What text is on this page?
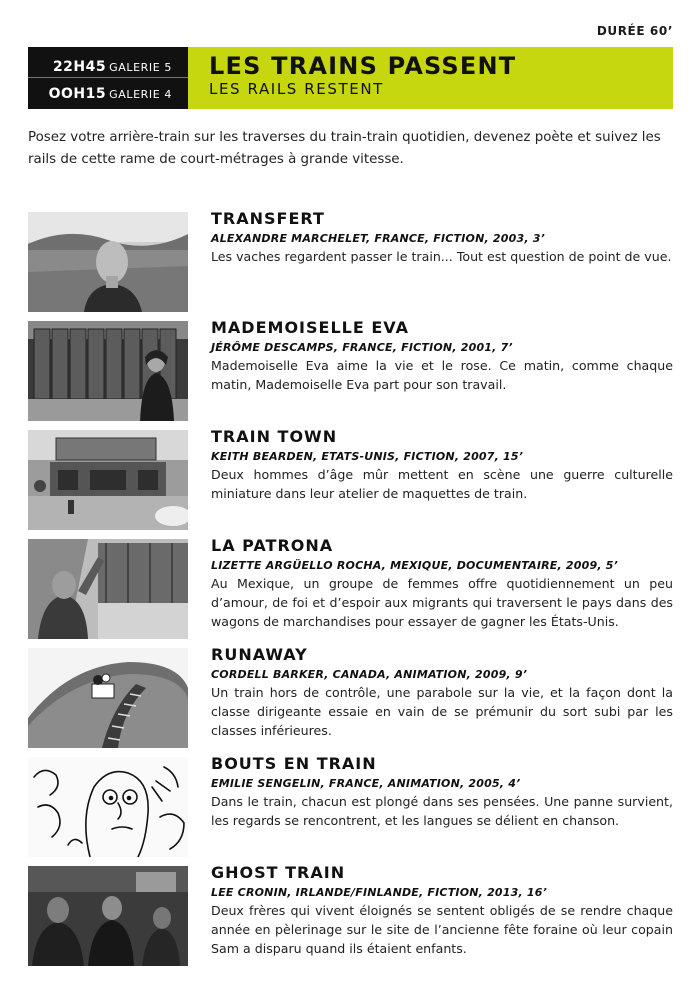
DURÉE 60’
22H45 GALERIE 5
OOH15 GALERIE 4
LES TRAINS PASSENT
LES RAILS RESTENT
Posez votre arrière-train sur les traverses du train-train quotidien, devenez poète et suivez les rails de cette rame de court-métrages à grande vitesse.
TRANSFERT
ALEXANDRE MARCHELET, FRANCE, FICTION, 2003, 3’
Les vaches regardent passer le train... Tout est question de point de vue.
MADEMOISELLE EVA
JÉRÔME DESCAMPS, FRANCE, FICTION, 2001, 7’
Mademoiselle Eva aime la vie et le rose. Ce matin, comme chaque matin, Mademoiselle Eva part pour son travail.
TRAIN TOWN
KEITH BEARDEN, ETATS-UNIS, FICTION, 2007, 15’
Deux hommes d’âge mûr mettent en scène une guerre culturelle miniature dans leur atelier de maquettes de train.
LA PATRONA
LIZETTE ARGÜELLO ROCHA, MEXIQUE, DOCUMENTAIRE, 2009, 5’
Au Mexique, un groupe de femmes offre quotidiennement un peu d’amour, de foi et d’espoir aux migrants qui traversent le pays dans des wagons de marchandises pour essayer de gagner les États-Unis.
RUNAWAY
CORDELL BARKER, CANADA, ANIMATION, 2009, 9’
Un train hors de contrôle, une parabole sur la vie, et la façon dont la classe dirigeante essaie en vain de se prémunir du sort subi par les classes inférieures.
BOUTS EN TRAIN
EMILIE SENGELIN, FRANCE, ANIMATION, 2005, 4’
Dans le train, chacun est plongé dans ses pensées. Une panne survient, les regards se rencontrent, et les langues se délient en chanson.
GHOST TRAIN
LEE CRONIN, IRLANDE/FINLANDE, FICTION, 2013, 16’
Deux frères qui vivent éloignés se sentent obligés de se rendre chaque année en pèlerinage sur le site de l’ancienne fête foraine où leur copain Sam a disparu quand ils étaient enfants.
